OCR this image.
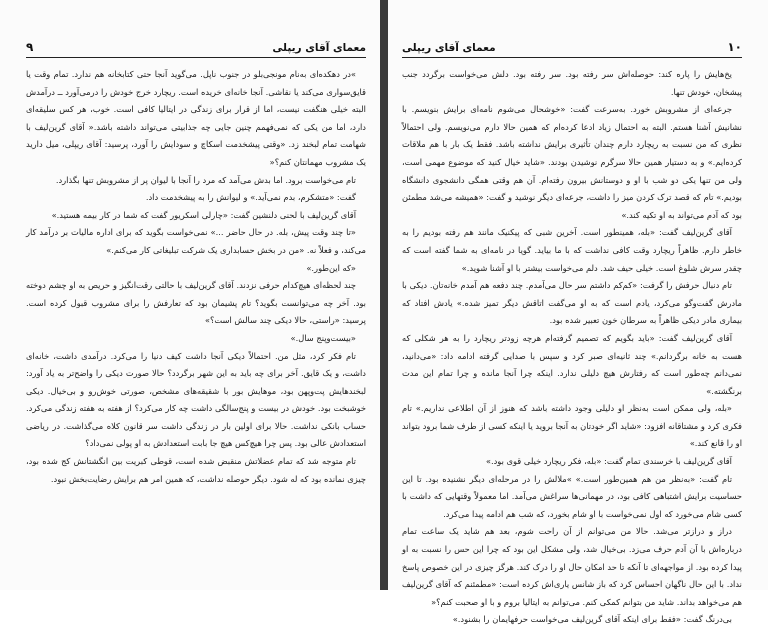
۹	معمای آقای ریپلی

»در دهکده‌ای به‌نام مونجی‌بلو در جنوب ناپل. می‌گوید آنجا حتی کتابخانه هم ندارد. تمام وقت یا قایق‌سواری می‌کند یا نقاشی. آنجا خانه‌ای خریده است. ریچارد خرج خودش را درمی‌آورد ــ درآمدش البته خیلی هنگفت نیست، اما از قرار برای زندگی در ایتالیا کافی است. خوب، هر کس سلیقه‌ای دارد، اما من یکی که نمی‌فهمم چنین جایی چه جذابیتی می‌تواند داشته باشد.« آقای گرین‌لیف با شهامت تمام لبخند زد. «وقتی پیشخدمت اسکاچ و سودایش را آورد، پرسید: آقای ریپلی، میل دارید یک مشروب مهمانتان کنم؟«

تام می‌خواست برود. اما بدش می‌آمد که مرد را آنجا با لیوان پر از مشروبش تنها بگذارد.

گفت: «متشکرم، بدم نمی‌آید.» و لیوانش را به پیشخدمت داد.

آقای گرین‌لیف با لحنی دلنشین گفت: «چارلی اسکریور گفت که شما در کار بیمه هستید.»

«تا چند وقت پیش، بله. در حال حاضر ...» نمی‌خواست بگوید که برای اداره مالیات بر درآمد کار می‌کند، و فعلاً نه. «من در بخش حسابداری یک شرکت تبلیغاتی کار می‌کنم.»

«که این‌طور.»

چند لحظه‌ای هیچ‌کدام حرفی نزدند. آقای گرین‌لیف با حالتی رقت‌انگیز و حریص به او چشم دوخته بود. آخر چه می‌توانست بگوید؟ تام پشیمان بود که تعارفش را برای مشروب قبول کرده است. پرسید: «راستی، حالا دیکی چند سالش است؟»

«بیست‌وپنج سال.»

تام فکر کرد، مثل من. احتمالاً دیکی آنجا داشت کیف دنیا را می‌کرد. درآمدی داشت، خانه‌ای داشت، و یک قایق. آخر برای چه باید به این شهر برگردد؟ حالا صورت دیکی را واضح‌تر به یاد آورد: لبخندهایش پت‌وپهن بود، موهایش بور با شقیقه‌های مشخص، صورتی خوش‌رو و بی‌خیال. دیکی خوشبخت بود. خودش در بیست و پنج‌سالگی داشت چه کار می‌کرد؟ از هفته به هفته زندگی می‌کرد. حساب بانکی نداشت. حالا برای اولین بار در زندگی داشت سر قانون کلاه می‌گذاشت. در ریاضی استعدادش عالی بود. پس چرا هیچ‌کس هیچ جا بابت استعدادش به او پولی نمی‌داد؟

تام متوجه شد که تمام عضلاتش منقبض شده است، قوطی کبریت بین انگشتانش کج شده بود، چیزی نمانده بود که له شود. دیگر حوصله نداشت، که همین امر هم برایش رضایت‌بخش نبود.

معمای آقای ریپلی	۱۰

یخ‌هایش را پاره کند: حوصله‌اش سر رفته بود. سر رفته بود. دلش می‌خواست برگردد جنب پیشخان، خودش تنها.

جرعه‌ای از مشروبش خورد. به‌سرعت گفت: «خوشحال می‌شوم نامه‌ای برایش بنویسم. با نشانیش آشنا هستم. البته به احتمال زیاد ادعا کرده‌ام که همین حالا دارم می‌نویسم. ولی احتمالاً نظری که من نسبت به ریچارد دارم چندان تأثیری برایش نداشته باشد. فقط یک بار با هم ملاقات کرده‌ایم.» و به دستیار همین حالا سرگرم نوشیدن بودند. «شاید خیال کنید که موضوع مهمی است، ولی من تنها یکی دو شب با او و دوستانش بیرون رفته‌ام. آن هم وقتی همگی دانشجوی دانشگاه بودیم.» تام که قصد ترک کردن میز را داشت، جرعه‌ای دیگر نوشید و گفت: «همیشه می‌شد مطمئن بود که آدم می‌تواند به او تکیه کند.»

آقای گرین‌لیف گفت: «بله، همینطور است. آخرین شبی که پیکنیک مانند هم رفته بودیم را به خاطر دارم. ظاهراً ریچارد وقت کافی نداشت که با ما بیاید. گویا در نامه‌ای به شما گفته است که چقدر سرش شلوغ است. خیلی حیف شد. دلم می‌خواست بیشتر با او آشنا شوید.»

تام دنبال حرفش را گرفت: «کم‌کم داشتم سر حال می‌آمدم. چند دفعه هم آمدم خانه‌تان. دیکی با مادرش گفت‌وگو می‌کرد، یادم است که به او می‌گفت اتاقش دیگر تمیز شده.» یادش افتاد که بیماری مادر دیکی ظاهراً به سرطان خون تعبیر شده بود.

آقای گرین‌لیف گفت: «باید بگویم که تصمیم گرفته‌ام هرچه زودتر ریچارد را به هر شکلی که هست به خانه برگردانم.» چند ثانیه‌ای صبر کرد و سپس با صدایی گرفته ادامه داد: «می‌دانید، نمی‌دانم چه‌طور است که رفتارش هیچ دلیلی ندارد. اینکه چرا آنجا مانده و چرا تمام این مدت برنگشته.»

«بله، ولی ممکن است به‌نظر او دلیلی وجود داشته باشد که هنوز از آن اطلاعی نداریم.» تام فکری کرد و مشتاقانه افزود: «شاید اگر خودتان به آنجا بروید یا اینکه کسی از طرف شما برود بتواند او را قانع کند.»

آقای گرین‌لیف با خرسندی تمام گفت: «بله، فکر ریچارد خیلی قوی بود.»

تام گفت: «به‌نظر من هم همین‌طور است.» »ملالش را در مرحله‌ای دیگر نشنیده بود. تا این حساسیت برایش اشتباهی کافی بود، در مهمانی‌ها سراغش می‌آمد. اما معمولاً وقتهایی که داشت با کسی شام می‌خورد که اول نمی‌خواست با او شام بخورد، که شب هم ادامه پیدا می‌کرد.

دراز و درازتر می‌شد. حالا من می‌توانم از آن راحت شوم، بعد هم شاید یک ساعت تمام درباره‌اش با آن آدم حرف می‌زد. بی‌خیال شد، ولی مشکل این بود که چرا این حس را نسبت به او پیدا کرده بود. از مواجهه‌ای تا آنکه تا حد امکان حال او را درک کند. هرگز چیزی در این خصوص پاسخ نداد. با این حال ناگهان احساس کرد که باز شانس یاری‌اش کرده است: «مطمئنم که آقای گرین‌لیف هم می‌خواهد بداند. شاید من بتوانم کمکی کنم. می‌توانم به ایتالیا بروم و با او صحبت کنم؟«

بی‌درنگ گفت: «فقط برای اینکه آقای گرین‌لیف می‌خواست حرفهایمان را بشنود.»
